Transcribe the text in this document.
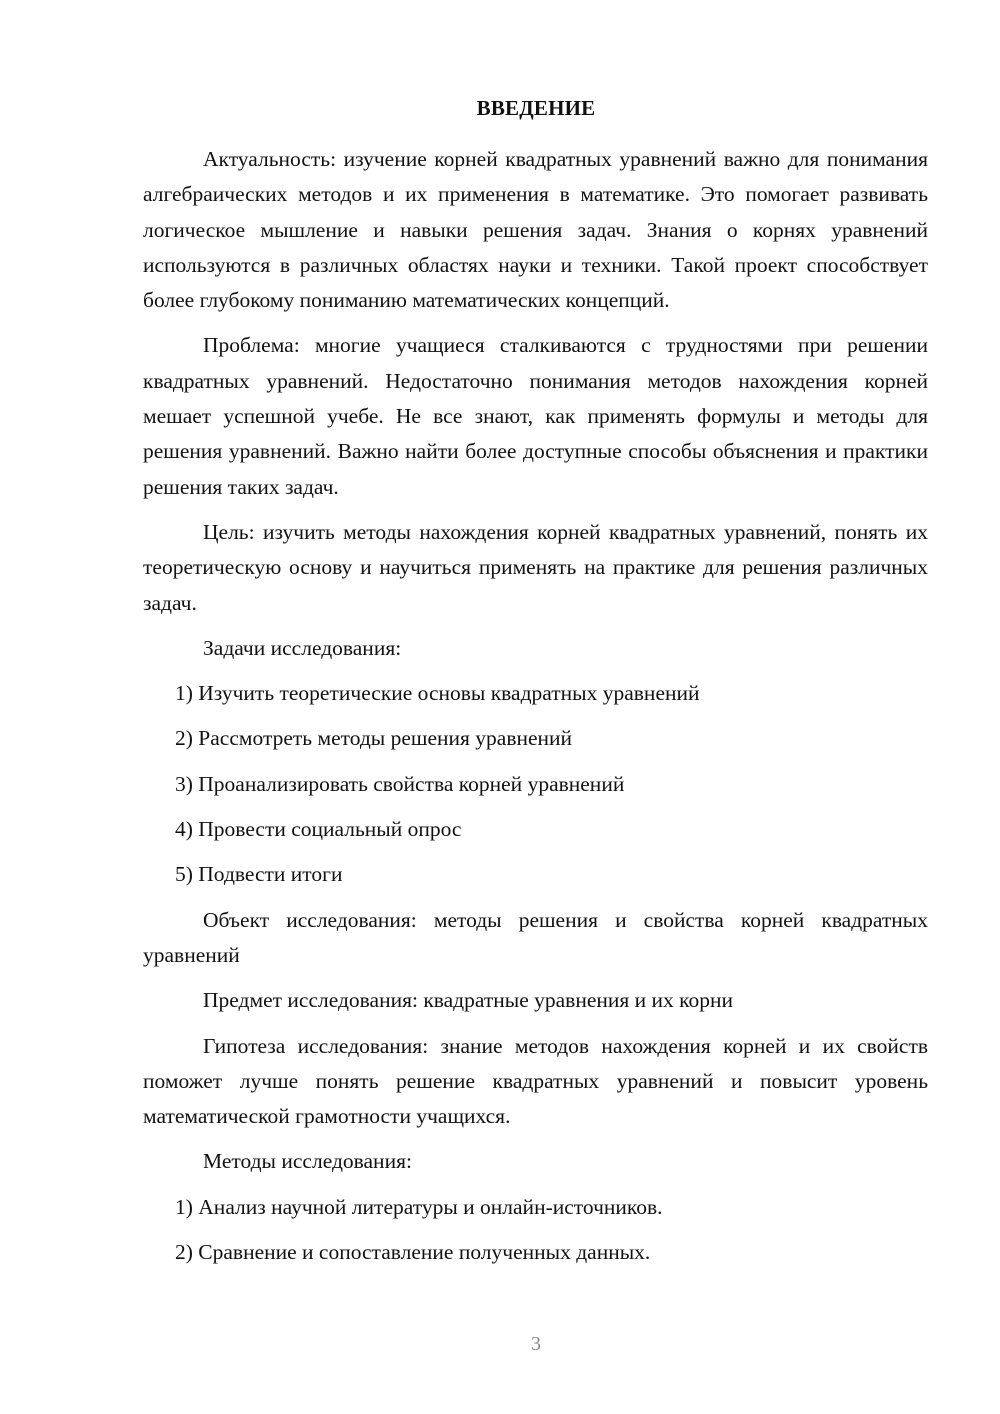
ВВЕДЕНИЕ

Актуальность: изучение корней квадратных уравнений важно для понимания алгебраических методов и их применения в математике. Это помогает развивать логическое мышление и навыки решения задач. Знания о корнях уравнений используются в различных областях науки и техники. Такой проект способствует более глубокому пониманию математических концепций.

Проблема: многие учащиеся сталкиваются с трудностями при решении квадратных уравнений. Недостаточно понимания методов нахождения корней мешает успешной учебе. Не все знают, как применять формулы и методы для решения уравнений. Важно найти более доступные способы объяснения и практики решения таких задач.

Цель: изучить методы нахождения корней квадратных уравнений, понять их теоретическую основу и научиться применять на практике для решения различных задач.

Задачи исследования:

1) Изучить теоретические основы квадратных уравнений

2) Рассмотреть методы решения уравнений

3) Проанализировать свойства корней уравнений

4) Провести социальный опрос

5) Подвести итоги

Объект исследования: методы решения и свойства корней квадратных уравнений

Предмет исследования: квадратные уравнения и их корни

Гипотеза исследования: знание методов нахождения корней и их свойств поможет лучше понять решение квадратных уравнений и повысит уровень математической грамотности учащихся.

Методы исследования:

1) Анализ научной литературы и онлайн-источников.

2) Сравнение и сопоставление полученных данных.

3
